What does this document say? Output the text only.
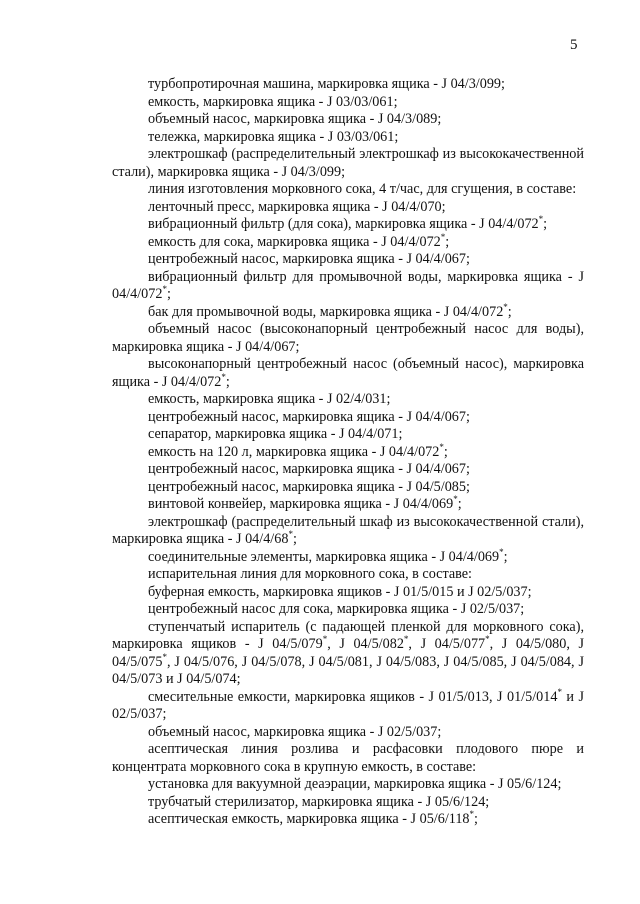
5

турбопротирочная машина, маркировка ящика - J 04/3/099;

емкость, маркировка ящика - J 03/03/061;

объемный насос, маркировка ящика - J 04/3/089;

тележка, маркировка ящика - J 03/03/061;

электрошкаф (распределительный электрошкаф из высококачественной стали), маркировка ящика - J 04/3/099;

линия изготовления морковного сока, 4 т/час, для сгущения, в составе:

ленточный пресс, маркировка ящика - J 04/4/070;

вибрационный фильтр (для сока), маркировка ящика - J 04/4/072*;

емкость для сока, маркировка ящика - J 04/4/072*;

центробежный насос, маркировка ящика - J 04/4/067;

вибрационный фильтр для промывочной воды, маркировка ящика - J 04/4/072*;

бак для промывочной воды, маркировка ящика - J 04/4/072*;

объемный насос (высоконапорный центробежный насос для воды), маркировка ящика - J 04/4/067;

высоконапорный центробежный насос (объемный насос), маркировка ящика - J 04/4/072*;

емкость, маркировка ящика - J 02/4/031;

центробежный насос, маркировка ящика - J 04/4/067;

сепаратор, маркировка ящика - J 04/4/071;

емкость на 120 л, маркировка ящика - J 04/4/072*;

центробежный насос, маркировка ящика - J 04/4/067;

центробежный насос, маркировка ящика - J 04/5/085;

винтовой конвейер, маркировка ящика - J 04/4/069*;

электрошкаф (распределительный шкаф из высококачественной стали), маркировка ящика - J 04/4/68*;

соединительные элементы, маркировка ящика - J 04/4/069*;

испарительная линия для морковного сока, в составе:

буферная емкость, маркировка ящиков - J 01/5/015 и J 02/5/037;

центробежный насос для сока, маркировка ящика - J 02/5/037;

ступенчатый испаритель (с падающей пленкой для морковного сока), маркировка ящиков - J 04/5/079*, J 04/5/082*, J 04/5/077*, J 04/5/080, J 04/5/075*, J 04/5/076, J 04/5/078, J 04/5/081, J 04/5/083, J 04/5/085, J 04/5/084, J 04/5/073 и J 04/5/074;

смесительные емкости, маркировка ящиков - J 01/5/013, J 01/5/014* и J 02/5/037;

объемный насос, маркировка ящика - J 02/5/037;

асептическая линия розлива и расфасовки плодового пюре и концентрата морковного сока в крупную емкость, в составе:

установка для вакуумной деаэрации, маркировка ящика - J 05/6/124;

трубчатый стерилизатор, маркировка ящика - J 05/6/124;

асептическая емкость, маркировка ящика - J 05/6/118*;
